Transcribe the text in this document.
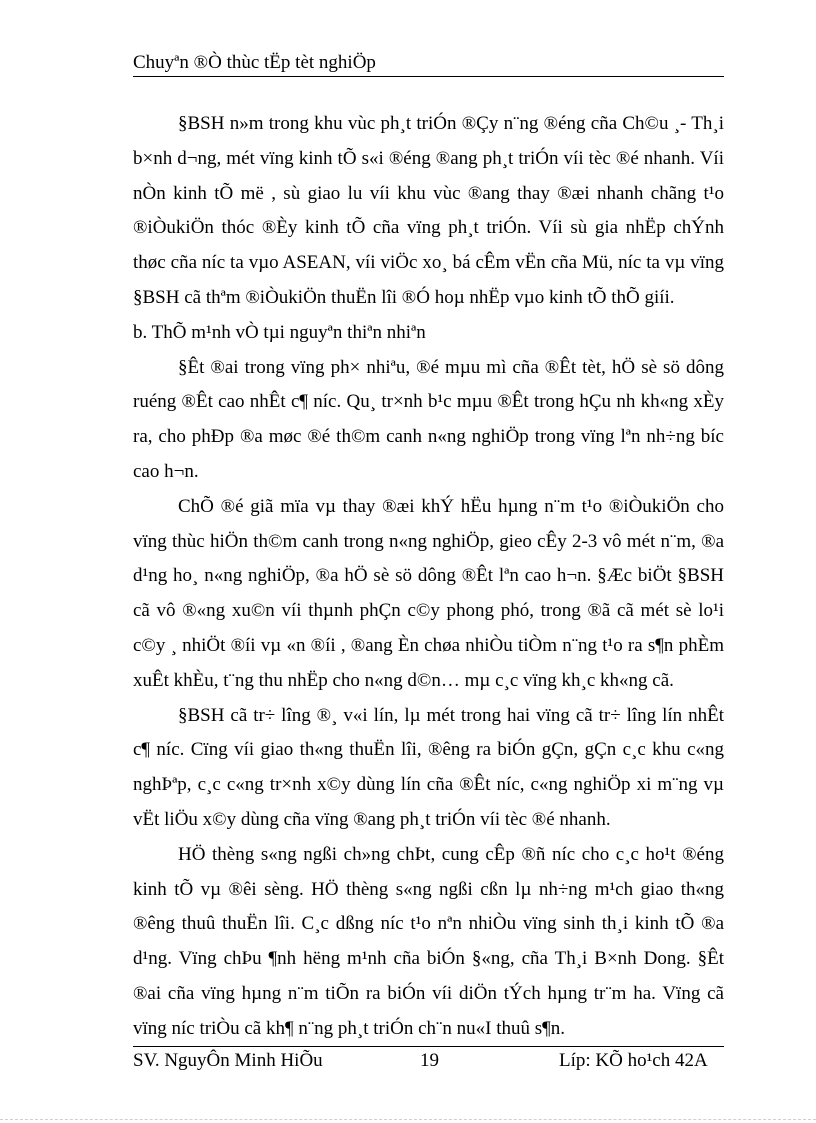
Chuyªn ®Ò thùc tËp tèt nghiÖp

§BSH n»m trong khu vùc ph¸t triÓn ®Çy n¨ng ®éng cña Ch©u ¸- Th¸i b×nh d¬ng, mét vïng kinh tÕ s«i ®éng ®ang ph¸t triÓn víi tèc ®é nhanh. Víi nÒn kinh tÕ më , sù giao lu víi khu vùc ®ang thay ®æi nhanh chãng t¹o ®iÒukiÖn thóc ®Èy kinh tÕ cña vïng ph¸t triÓn. Víi sù gia nhËp chÝnh thøc cña níc ta vµo ASEAN, víi viÖc xo¸ bá cÊm vËn cña Mü, níc ta vµ vïng §BSH cã thªm ®iÒukiÖn thuËn lîi ®Ó hoµ nhËp vµo kinh tÕ thÕ giíi.

b. ThÕ m¹nh vÒ tµi nguyªn thiªn nhiªn

§Êt ®ai trong vïng ph× nhiªu, ®é mµu mì cña ®Êt tèt, hÖ sè sö dông ruéng ®Êt cao nhÊt c¶ níc. Qu¸ tr×nh b¹c mµu ®Êt trong hÇu nh kh«ng xÈy ra, cho phÐp ®a møc ®é th©m canh n«ng nghiÖp trong vïng lªn nh÷ng bíc cao h¬n.

ChÕ ®é giã mïa vµ thay ®æi khÝ hËu hµng n¨m t¹o ®iÒukiÖn cho vïng thùc hiÖn th©m canh trong n«ng nghiÖp, gieo cÊy 2-3 vô mét n¨m, ®a d¹ng ho¸ n«ng nghiÖp, ®a hÖ sè sö dông ®Êt lªn cao h¬n. §Æc biÖt §BSH cã vô ®«ng xu©n víi thµnh phÇn c©y phong phó, trong ®ã cã mét sè lo¹i c©y ¸ nhiÖt ®íi vµ «n ®íi , ®ang Èn chøa nhiÒu tiÒm n¨ng t¹o ra s¶n phÈm xuÊt khÈu, t¨ng thu nhËp cho n«ng d©n… mµ c¸c vïng kh¸c kh«ng cã.

§BSH cã tr÷ lîng ®¸ v«i lín, lµ mét trong hai vïng cã tr÷ lîng lín nhÊt c¶ níc. Cïng víi giao th«ng thuËn lîi, ®êng ra biÓn gÇn, gÇn c¸c khu c«ng nghÞªp, c¸c c«ng tr×nh x©y dùng lín cña ®Êt níc, c«ng nghiÖp xi m¨ng vµ vËt liÖu x©y dùng cña vïng ®ang ph¸t triÓn víi tèc ®é nhanh.

HÖ thèng s«ng ngßi ch»ng chÞt, cung cÊp ®ñ níc cho c¸c ho¹t ®éng kinh tÕ vµ ®êi sèng. HÖ thèng s«ng ngßi cßn lµ nh÷ng m¹ch giao th«ng ®êng thuû thuËn lîi. C¸c dßng níc t¹o nªn nhiÒu vïng sinh th¸i kinh tÕ ®a d¹ng. Vïng chÞu ¶nh hëng m¹nh cña biÓn §«ng, cña Th¸i B×nh Dong. §Êt ®ai cña vïng hµng n¨m tiÕn ra biÓn víi diÖn tÝch hµng tr¨m ha. Vïng cã vïng níc triÒu cã kh¶ n¨ng ph¸t triÓn ch¨n nu«I thuû s¶n.

SV. NguyÔn Minh HiÕu	19	Líp: KÕ ho¹ch 42A
